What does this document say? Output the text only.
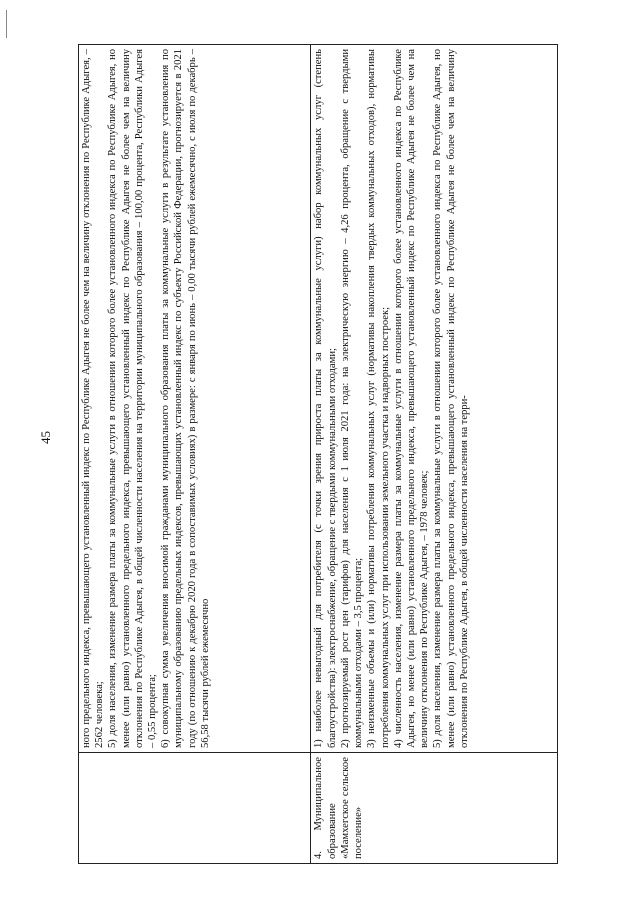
45

	ного предельного индекса, превышающего установленный индекс по Республике Адыгея не более чем на величину отклонения по Республике Адыгея, – 2562 человека; 5) доля населения, изменение размера платы за коммунальные услуги в отношении которого более установленного индекса по Республике Адыгея, но менее (или равно) установленного предельного индекса, превышающего установленный индекс по Республике Адыгея не более чем на величину отклонения по Республике Адыгея, в общей численности населения на территории муниципального образования – 100,00 процента, Республики Адыгея – 0,55 процента; 6) совокупная сумма увеличения вносимой гражданами муниципального образования платы за коммунальные услуги в результате установления по муниципальному образованию предельных индексов, превышающих установленный индекс по субъекту Российской Федерации, прогнозируется в 2021 году (по отношению к декабрю 2020 года в сопоставимых условиях) в размере: с января по июнь – 0,00 тысячи рублей ежемесячно, с июля по декабрь – 56,58 тысячи рублей ежемесячно

4. Муниципальное образование «Мамхегское сельское поселение»	1) наиболее невыгодный для потребителя (с точки зрения прироста платы за коммунальные услуги) набор коммунальных услуг (степень благоустройства): электроснабжение, обращение с твердыми коммунальными отходами; 2) прогнозируемый рост цен (тарифов) для населения с 1 июля 2021 года: на электрическую энергию – 4,26 процента, обращение с твердыми коммунальными отходами – 3,5 процента; 3) неизменные объемы и (или) нормативы потребления коммунальных услуг (нормативы накопления твердых коммунальных отходов), нормативы потребления коммунальных услуг при использовании земельного участка и надворных построек; 4) численность населения, изменение размера платы за коммунальные услуги в отношении которого более установленного индекса по Республике Адыгея, но менее (или равно) установленного предельного индекса, превышающего установленный индекс по Республике Адыгея не более чем на величину отклонения по Республике Адыгея, – 1978 человек; 5) доля населения, изменение размера платы за коммунальные услуги в отношении которого более установленного индекса по Республике Адыгея, но менее (или равно) установленного предельного индекса, превышающего установленный индекс по Республике Адыгея не более чем на величину отклонения по Республике Адыгея, в общей численности населения на терри-
